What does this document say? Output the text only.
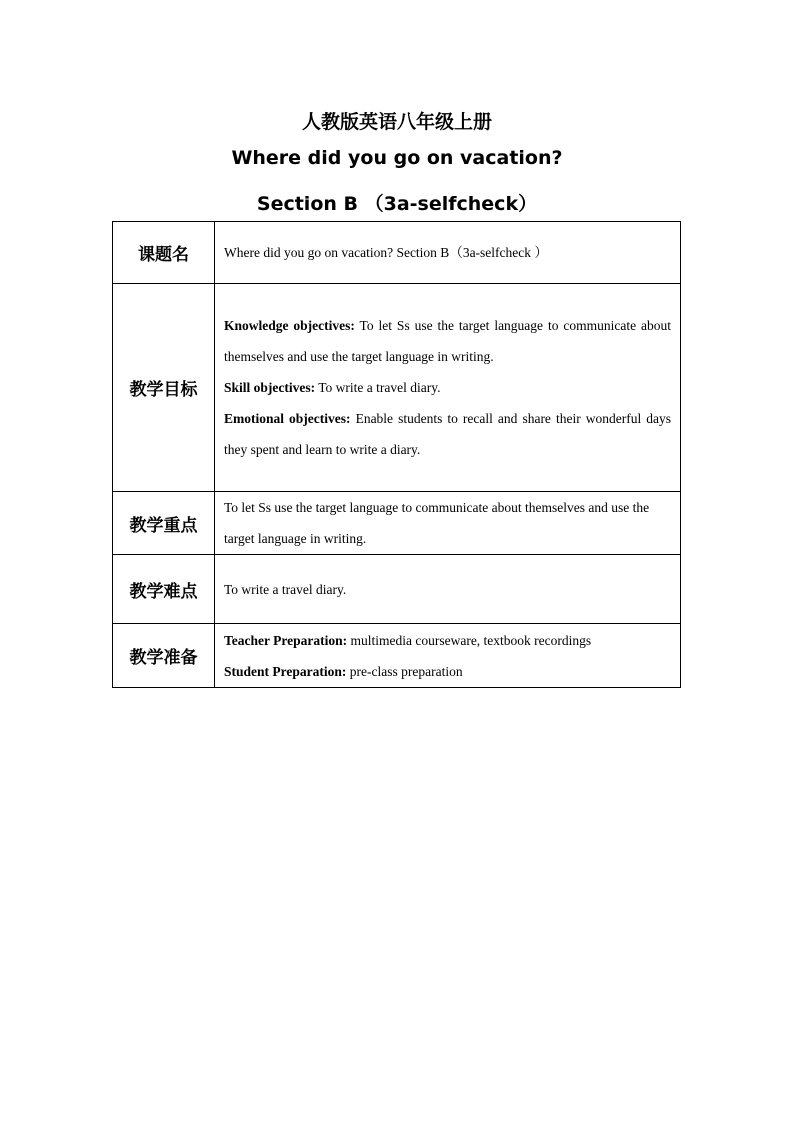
人教版英语八年级上册
Where did you go on vacation?
Section B （3a-selfcheck）
课题名	Where did you go on vacation? Section B（3a-selfcheck ）
教学目标	Knowledge objectives: To let Ss use the target language to communicate about themselves and use the target language in writing.
Skill objectives: To write a travel diary.
Emotional objectives: Enable students to recall and share their wonderful days they spent and learn to write a diary.

教学重点	To let Ss use the target language to communicate about themselves and use the target language in writing.
教学难点	To write a travel diary.
教学准备	Teacher Preparation: multimedia courseware, textbook recordings
Student Preparation: pre-class preparation
